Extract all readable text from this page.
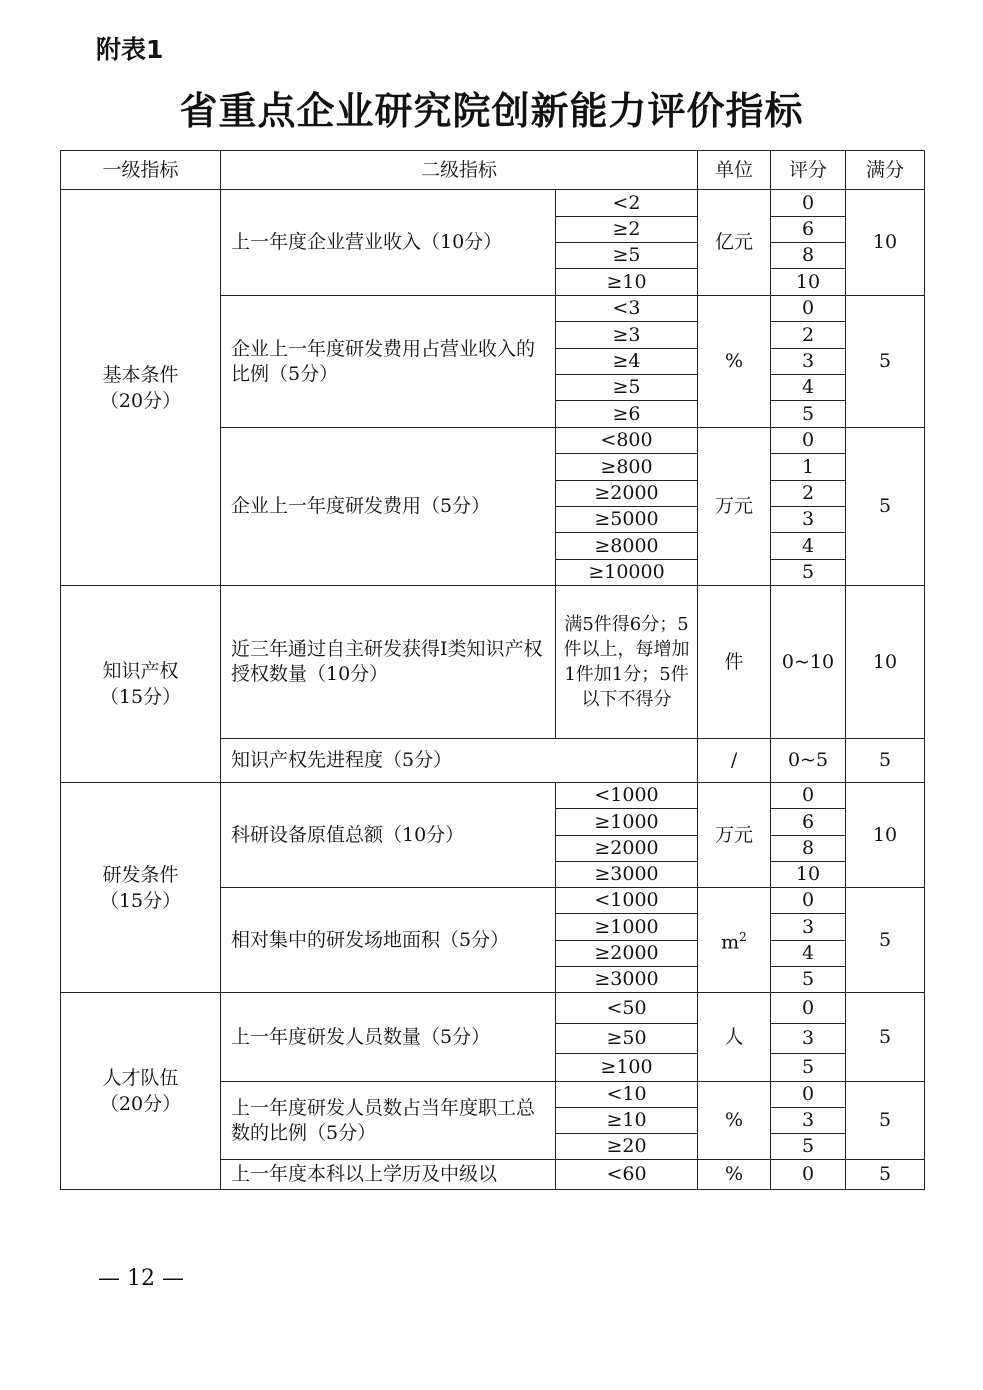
附表1
省重点企业研究院创新能力评价指标
一级指标	二级指标		单位	评分	满分

基本条件
（20分）	上一年度企业营业收入（10分）	<2	亿元	0	10
		≥2		6	
		≥5		8	
		≥10		10	
	企业上一年度研发费用占营业收入的比例（5分）	<3	%	0	5
		≥3		2	
		≥4		3	
		≥5		4	
		≥6		5	
	企业上一年度研发费用（5分）	<800	万元	0	5
		≥800		1	
		≥2000		2	
		≥5000		3	
		≥8000		4	
		≥10000		5	

知识产权
（15分）	近三年通过自主研发获得I类知识产权授权数量（10分）	满5件得6分；5件以上，每增加1件加1分；5件以下不得分	件	0~10	10
	知识产权先进程度（5分）		/	0~5	5

研发条件
（15分）	科研设备原值总额（10分）	<1000	万元	0	10
		≥1000		6	
		≥2000		8	
		≥3000		10	
	相对集中的研发场地面积（5分）	<1000	$m^2$	0	5
		≥1000		3	
		≥2000		4	
		≥3000		5	

人才队伍
（20分）	上一年度研发人员数量（5分）	<50	人	0	5
		≥50		3	
		≥100		5	
	上一年度研发人员数占当年度职工总数的比例（5分）	<10	%	0	5
		≥10		3	
		≥20		5	
	上一年度本科以上学历及中级以	<60	%	0	5
— 12 —
